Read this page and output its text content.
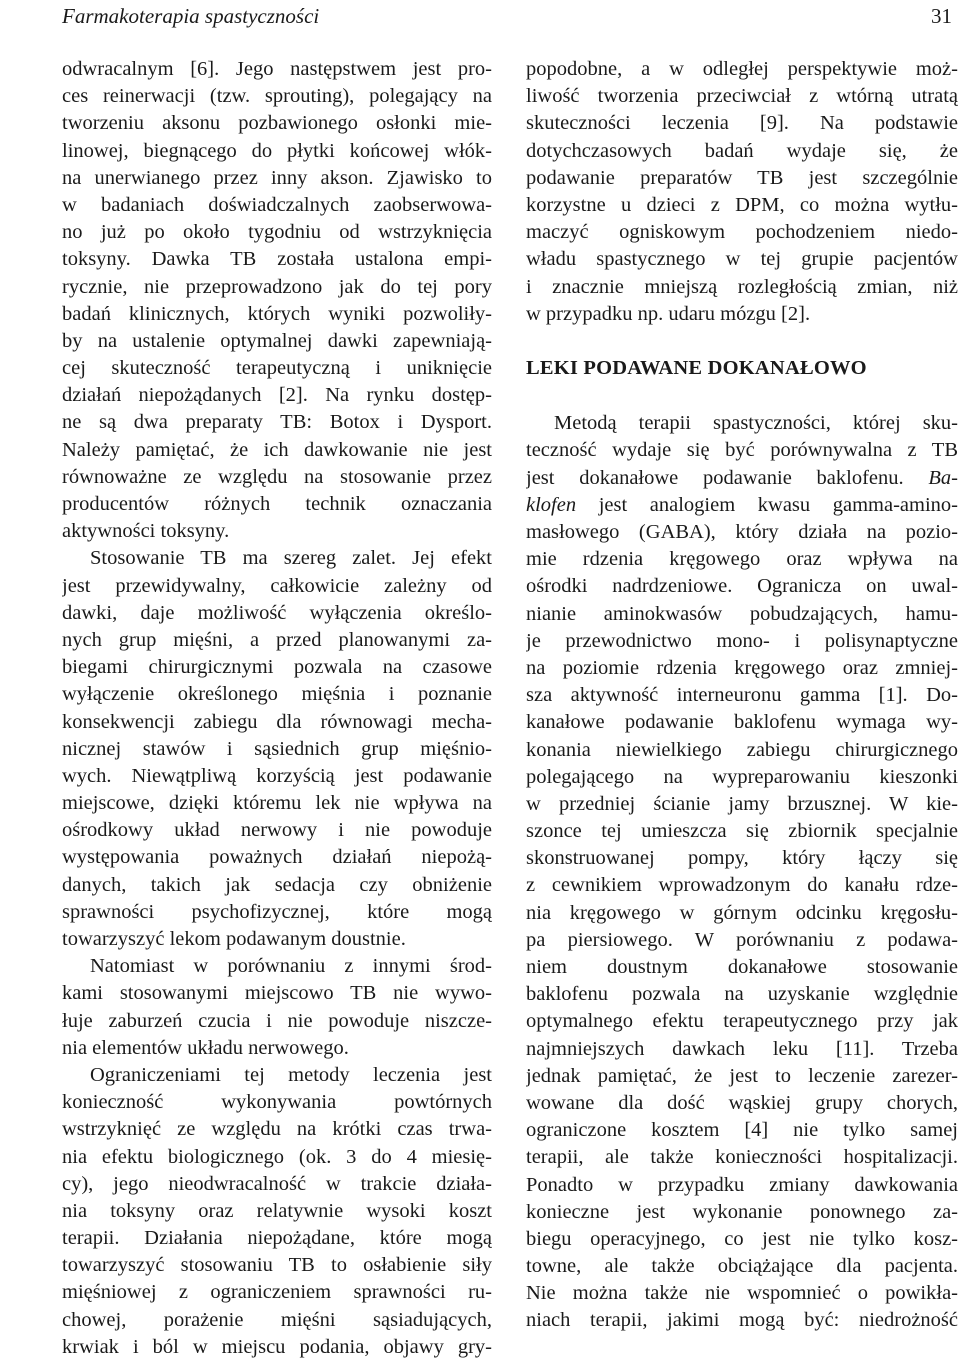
Farmakoterapia spastyczności	31
odwracalnym [6]. Jego następstwem jest pro-
ces reinerwacji (tzw. sprouting), polegający na
tworzeniu aksonu pozbawionego osłonki mie-
linowej, biegnącego do płytki końcowej włók-
na unerwianego przez inny akson. Zjawisko to
w badaniach doświadczalnych zaobserwowa-
no już po około tygodniu od wstrzyknięcia
toksyny. Dawka TB została ustalona empi-
rycznie, nie przeprowadzono jak do tej pory
badań klinicznych, których wyniki pozwoliły-
by na ustalenie optymalnej dawki zapewniają-
cej skuteczność terapeutyczną i uniknięcie
działań niepożądanych [2]. Na rynku dostęp-
ne są dwa preparaty TB: Botox i Dysport.
Należy pamiętać, że ich dawkowanie nie jest
równoważne ze względu na stosowanie przez
producentów różnych technik oznaczania
aktywności toksyny.
Stosowanie TB ma szereg zalet. Jej efekt
jest przewidywalny, całkowicie zależny od
dawki, daje możliwość wyłączenia określo-
nych grup mięśni, a przed planowanymi za-
biegami chirurgicznymi pozwala na czasowe
wyłączenie określonego mięśnia i poznanie
konsekwencji zabiegu dla równowagi mecha-
nicznej stawów i sąsiednich grup mięśnio-
wych. Niewątpliwą korzyścią jest podawanie
miejscowe, dzięki któremu lek nie wpływa na
ośrodkowy układ nerwowy i nie powoduje
występowania poważnych działań niepożą-
danych, takich jak sedacja czy obniżenie
sprawności psychofizycznej, które mogą
towarzyszyć lekom podawanym doustnie.
Natomiast w porównaniu z innymi środ-
kami stosowanymi miejscowo TB nie wywo-
łuje zaburzeń czucia i nie powoduje niszcze-
nia elementów układu nerwowego.
Ograniczeniami tej metody leczenia jest
konieczność wykonywania powtórnych
wstrzyknięć ze względu na krótki czas trwa-
nia efektu biologicznego (ok. 3 do 4 miesię-
cy), jego nieodwracalność w trakcie działa-
nia toksyny oraz relatywnie wysoki koszt
terapii. Działania niepożądane, które mogą
towarzyszyć stosowaniu TB to osłabienie siły
mięśniowej z ograniczeniem sprawności ru-
chowej, porażenie mięśni sąsiadujących,
krwiak i ból w miejscu podania, objawy gry-
popodobne, a w odległej perspektywie moż-
liwość tworzenia przeciwciał z wtórną utratą
skuteczności leczenia [9]. Na podstawie
dotychczasowych badań wydaje się, że
podawanie preparatów TB jest szczególnie
korzystne u dzieci z DPM, co można wytłu-
maczyć ogniskowym pochodzeniem niedo-
władu spastycznego w tej grupie pacjentów
i znacznie mniejszą rozległością zmian, niż
w przypadku np. udaru mózgu [2].
LEKI PODAWANE DOKANAŁOWO
Metodą terapii spastyczności, której sku-
teczność wydaje się być porównywalna z TB
jest dokanałowe podawanie baklofenu. Ba-
klofen jest analogiem kwasu gamma-amino-
masłowego (GABA), który działa na pozio-
mie rdzenia kręgowego oraz wpływa na
ośrodki nadrdzeniowe. Ogranicza on uwal-
nianie aminokwasów pobudzających, hamu-
je przewodnictwo mono- i polisynaptyczne
na poziomie rdzenia kręgowego oraz zmniej-
sza aktywność interneuronu gamma [1]. Do-
kanałowe podawanie baklofenu wymaga wy-
konania niewielkiego zabiegu chirurgicznego
polegającego na wypreparowaniu kieszonki
w przedniej ścianie jamy brzusznej. W kie-
szonce tej umieszcza się zbiornik specjalnie
skonstruowanej pompy, który łączy się
z cewnikiem wprowadzonym do kanału rdze-
nia kręgowego w górnym odcinku kręgosłu-
pa piersiowego. W porównaniu z podawa-
niem doustnym dokanałowe stosowanie
baklofenu pozwala na uzyskanie względnie
optymalnego efektu terapeutycznego przy jak
najmniejszych dawkach leku [11]. Trzeba
jednak pamiętać, że jest to leczenie zarezer-
wowane dla dość wąskiej grupy chorych,
ograniczone kosztem [4] nie tylko samej
terapii, ale także konieczności hospitalizacji.
Ponadto w przypadku zmiany dawkowania
konieczne jest wykonanie ponownego za-
biegu operacyjnego, co jest nie tylko kosz-
towne, ale także obciążające dla pacjenta.
Nie można także nie wspomnieć o powikła-
niach terapii, jakimi mogą być: niedrożność
